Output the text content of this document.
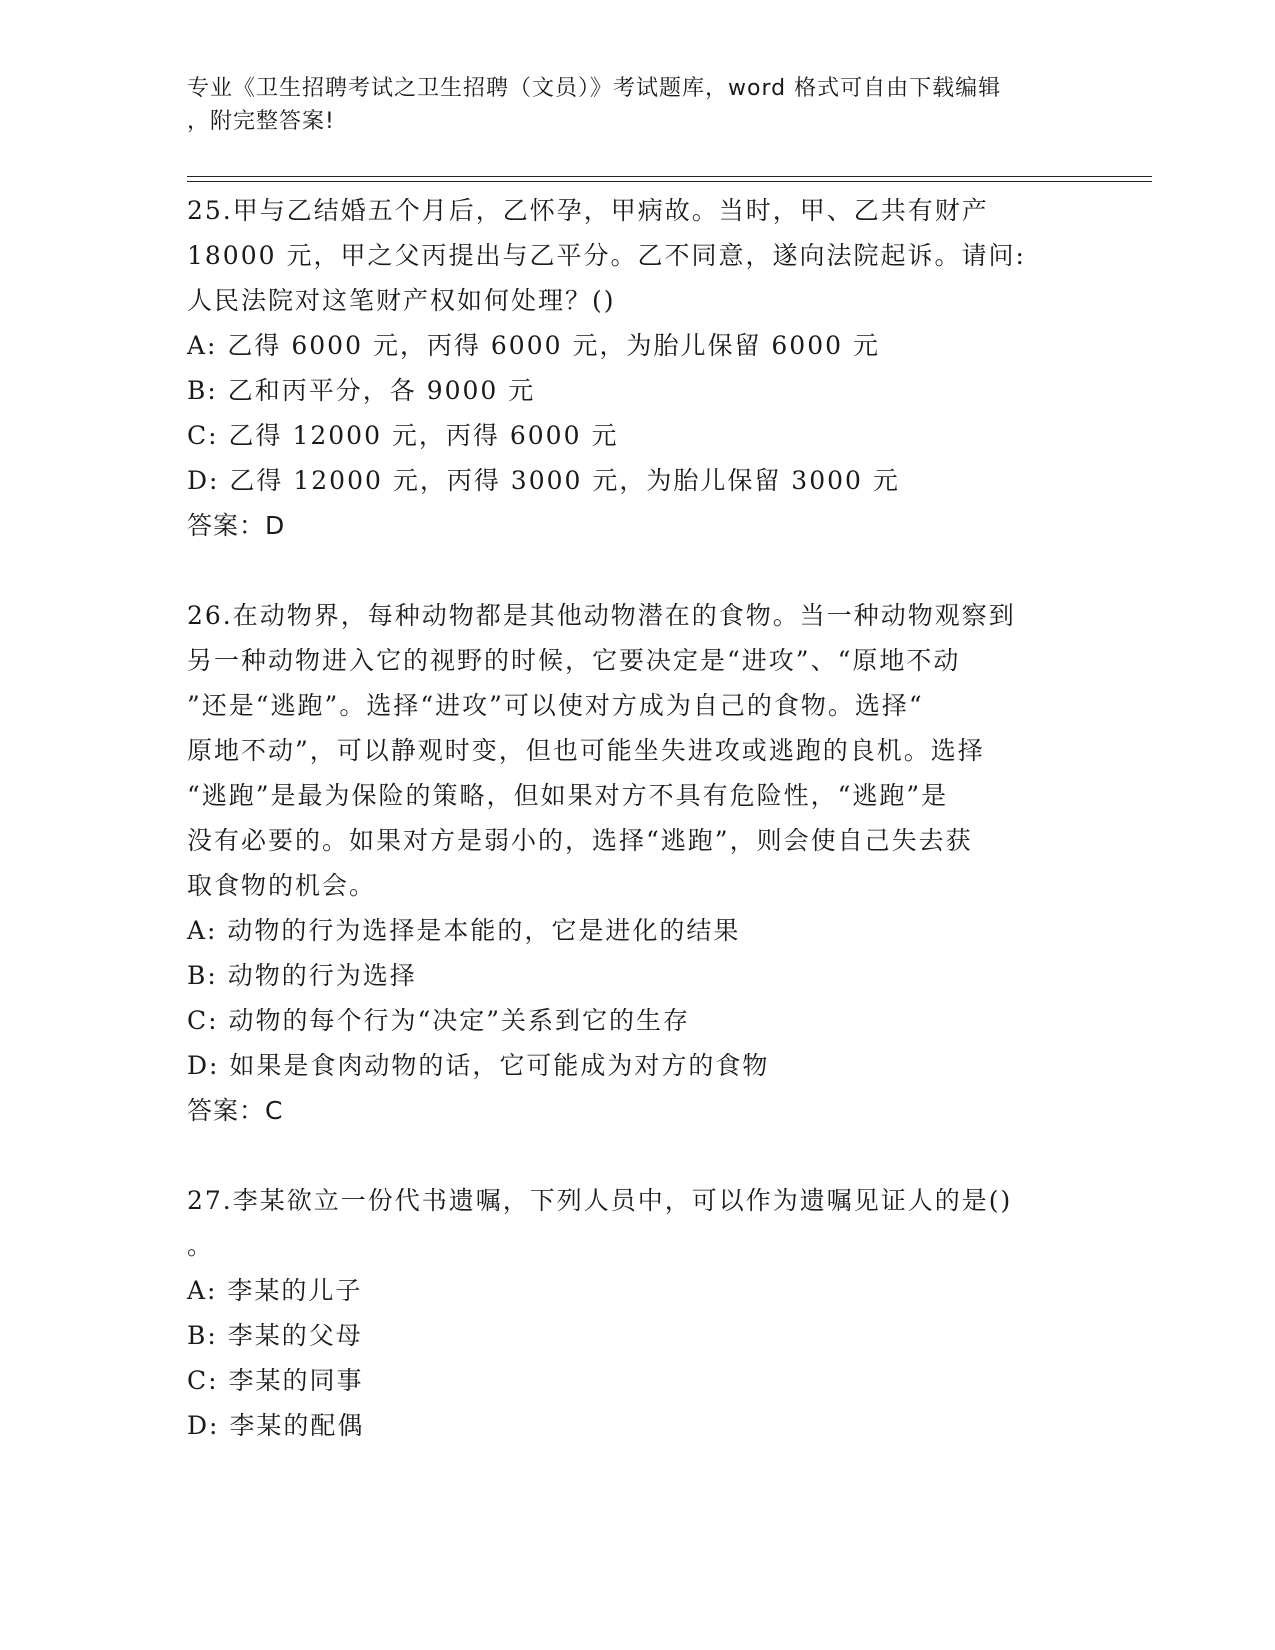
专业《卫生招聘考试之卫生招聘（文员）》考试题库，word 格式可自由下载编辑
，附完整答案!
25.甲与乙结婚五个月后，乙怀孕，甲病故。当时，甲、乙共有财产
18000 元，甲之父丙提出与乙平分。乙不同意，遂向法院起诉。请问:
人民法院对这笔财产权如何处理？()
A: 乙得 6000 元，丙得 6000 元，为胎儿保留 6000 元
B: 乙和丙平分，各 9000 元
C: 乙得 12000 元，丙得 6000 元
D: 乙得 12000 元，丙得 3000 元，为胎儿保留 3000 元
答案：D
26.在动物界，每种动物都是其他动物潜在的食物。当一种动物观察到
另一种动物进入它的视野的时候，它要决定是“进攻”、“原地不动
”还是“逃跑”。选择“进攻”可以使对方成为自己的食物。选择“
原地不动”，可以静观时变，但也可能坐失进攻或逃跑的良机。选择
“逃跑”是最为保险的策略，但如果对方不具有危险性，“逃跑”是
没有必要的。如果对方是弱小的，选择“逃跑”，则会使自己失去获
取食物的机会。
A: 动物的行为选择是本能的，它是进化的结果
B: 动物的行为选择
C: 动物的每个行为“决定”关系到它的生存
D: 如果是食肉动物的话，它可能成为对方的食物
答案：C
27.李某欲立一份代书遗嘱，下列人员中，可以作为遗嘱见证人的是()
。
A: 李某的儿子
B: 李某的父母
C: 李某的同事
D: 李某的配偶
